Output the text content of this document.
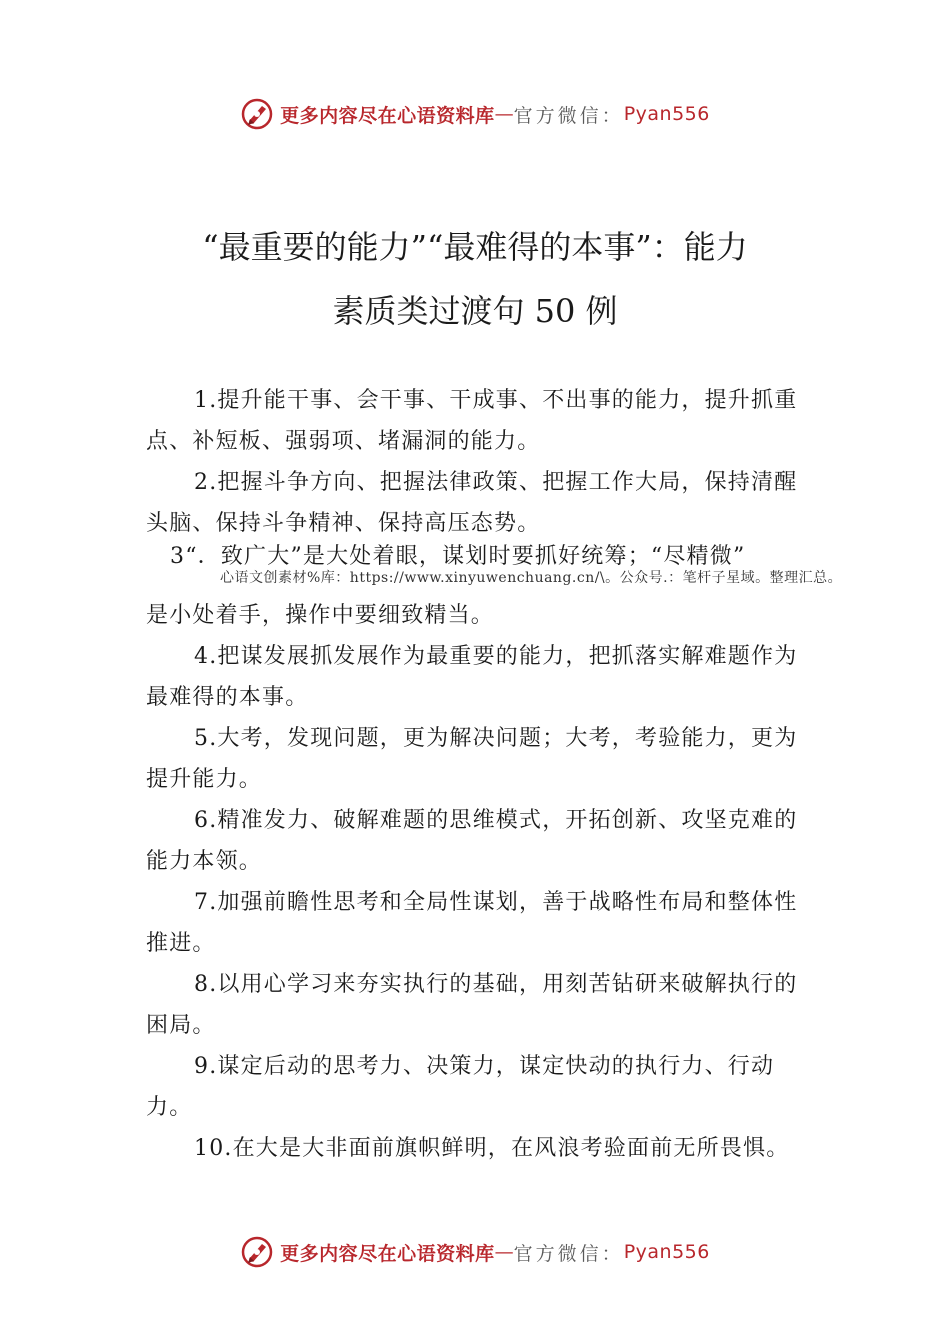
更多内容尽在心语资料库 — 官方微信： Pyan556
“最重要的能力”“最难得的本事”：能力
素质类过渡句 50 例
1.提升能干事、会干事、干成事、不出事的能力，提升抓重点、补短板、强弱项、堵漏洞的能力。
2.把握斗争方向、把握法律政策、把握工作大局，保持清醒头脑、保持斗争精神、保持高压态势。
3“．致广大”是大处着眼，谋划时要抓好统筹；“尽精微”
心语文创素材%库：https://www.xinyuwenchuang.cn/\。公众号.：笔杆子星域。整理汇总。
是小处着手，操作中要细致精当。
4.把谋发展抓发展作为最重要的能力，把抓落实解难题作为最难得的本事。
5.大考，发现问题，更为解决问题；大考，考验能力，更为提升能力。
6.精准发力、破解难题的思维模式，开拓创新、攻坚克难的能力本领。
7.加强前瞻性思考和全局性谋划，善于战略性布局和整体性推进。
8.以用心学习来夯实执行的基础，用刻苦钻研来破解执行的困局。
9.谋定后动的思考力、决策力，谋定快动的执行力、行动力。
10.在大是大非面前旗帜鲜明，在风浪考验面前无所畏惧。
更多内容尽在心语资料库 — 官方微信： Pyan556
